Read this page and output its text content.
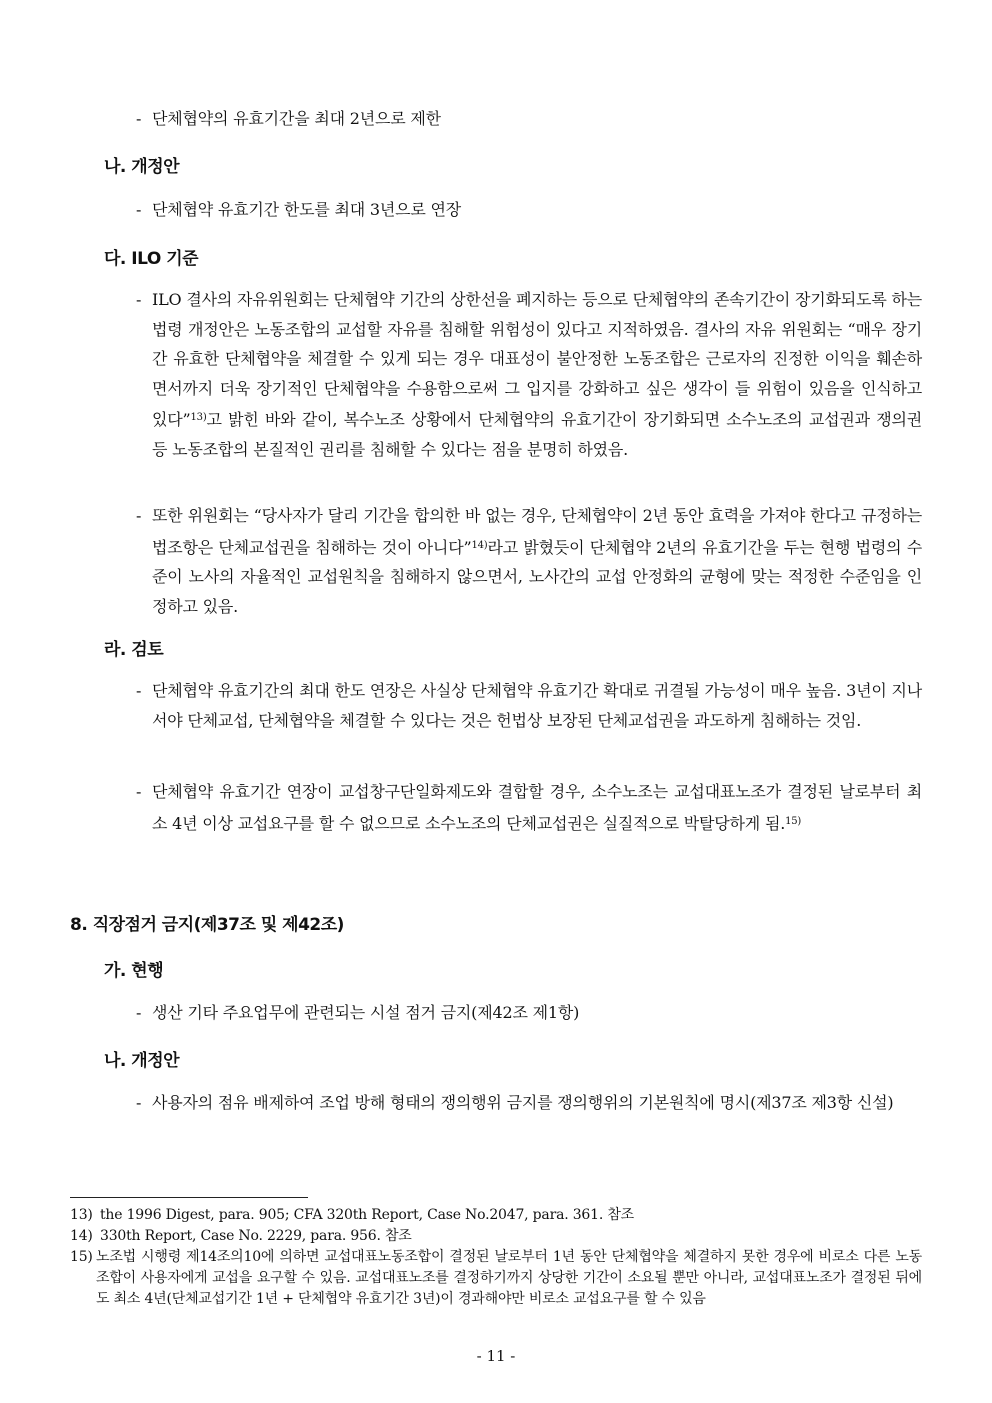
- 단체협약의 유효기간을 최대 2년으로 제한
나. 개정안
- 단체협약 유효기간 한도를 최대 3년으로 연장
다. ILO 기준
- ILO 결사의 자유위원회는 단체협약 기간의 상한선을 폐지하는 등으로 단체협약의 존속기간이 장기화되도록 하는 법령 개정안은 노동조합의 교섭할 자유를 침해할 위험성이 있다고 지적하였음. 결사의 자유 위원회는 “매우 장기간 유효한 단체협약을 체결할 수 있게 되는 경우 대표성이 불안정한 노동조합은 근로자의 진정한 이익을 훼손하면서까지 더욱 장기적인 단체협약을 수용함으로써 그 입지를 강화하고 싶은 생각이 들 위험이 있음을 인식하고 있다”$^{13)}$고 밝힌 바와 같이, 복수노조 상황에서 단체협약의 유효기간이 장기화되면 소수노조의 교섭권과 쟁의권 등 노동조합의 본질적인 권리를 침해할 수 있다는 점을 분명히 하였음.
- 또한 위원회는 “당사자가 달리 기간을 합의한 바 없는 경우, 단체협약이 2년 동안 효력을 가져야 한다고 규정하는 법조항은 단체교섭권을 침해하는 것이 아니다”$^{14)}$라고 밝혔듯이 단체협약 2년의 유효기간을 두는 현행 법령의 수준이 노사의 자율적인 교섭원칙을 침해하지 않으면서, 노사간의 교섭 안정화의 균형에 맞는 적정한 수준임을 인정하고 있음.
라. 검토
- 단체협약 유효기간의 최대 한도 연장은 사실상 단체협약 유효기간 확대로 귀결될 가능성이 매우 높음. 3년이 지나서야 단체교섭, 단체협약을 체결할 수 있다는 것은 헌법상 보장된 단체교섭권을 과도하게 침해하는 것임.
- 단체협약 유효기간 연장이 교섭창구단일화제도와 결합할 경우, 소수노조는 교섭대표노조가 결정된 날로부터 최소 4년 이상 교섭요구를 할 수 없으므로 소수노조의 단체교섭권은 실질적으로 박탈당하게 됨.$^{15)}$
8. 직장점거 금지(제37조 및 제42조)
가. 현행
- 생산 기타 주요업무에 관련되는 시설 점거 금지(제42조 제1항)
나. 개정안
- 사용자의 점유 배제하여 조업 방해 형태의 쟁의행위 금지를 쟁의행위의 기본원칙에 명시(제37조 제3항 신설)
13) the 1996 Digest, para. 905; CFA 320th Report, Case No.2047, para. 361. 참조
14) 330th Report, Case No. 2229, para. 956. 참조
15) 노조법 시행령 제14조의10에 의하면 교섭대표노동조합이 결정된 날로부터 1년 동안 단체협약을 체결하지 못한 경우에 비로소 다른 노동조합이 사용자에게 교섭을 요구할 수 있음. 교섭대표노조를 결정하기까지 상당한 기간이 소요될 뿐만 아니라, 교섭대표노조가 결정된 뒤에도 최소 4년(단체교섭기간 1년 + 단체협약 유효기간 3년)이 경과해야만 비로소 교섭요구를 할 수 있음
- 11 -
